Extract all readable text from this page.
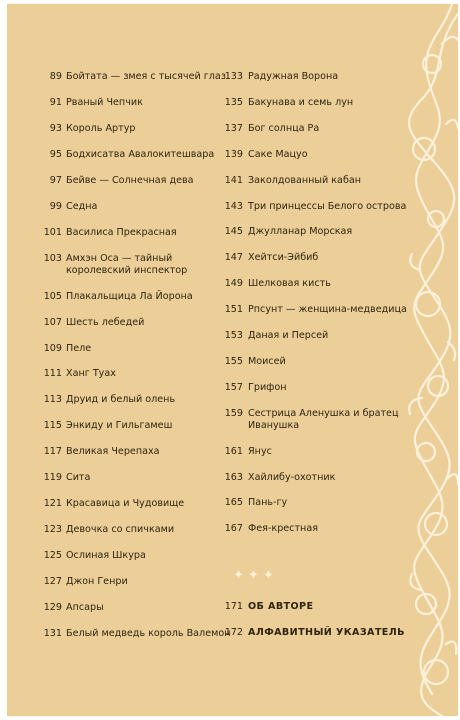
89 Бойтата — змея с тысячей глаз
91 Рваный Чепчик
93 Король Артур
95 Бодхисатва Авалокитешвара
97 Бейве — Солнечная дева
99 Седна
101 Василиса Прекрасная
103 Амхэн Оса — тайный
королевский инспектор
105 Плакальщица Ла Йорона
107 Шесть лебедей
109 Пеле
111 Ханг Туах
113 Друид и белый олень
115 Энкиду и Гильгамеш
117 Великая Черепаха
119 Сита
121 Красавица и Чудовище
123 Девочка со спичками
125 Ослиная Шкура
127 Джон Генри
129 Апсары
131 Белый медведь король Валемон
133 Радужная Ворона
135 Бакунава и семь лун
137 Бог солнца Ра
139 Саке Мацуо
141 Заколдованный кабан
143 Три принцессы Белого острова
145 Джулланар Морская
147 Хейтси-Эйбиб
149 Шелковая кисть
151 Рпсунт — женщина-медведица
153 Даная и Персей
155 Моисей
157 Грифон
159 Сестрица Аленушка и братец
Иванушка
161 Янус
163 Хайлибу-охотник
165 Пань-гу
167 Фея-крестная
✦ ✦ ✦
171 ОБ АВТОРЕ
172 АЛФАВИТНЫЙ УКАЗАТЕЛЬ
